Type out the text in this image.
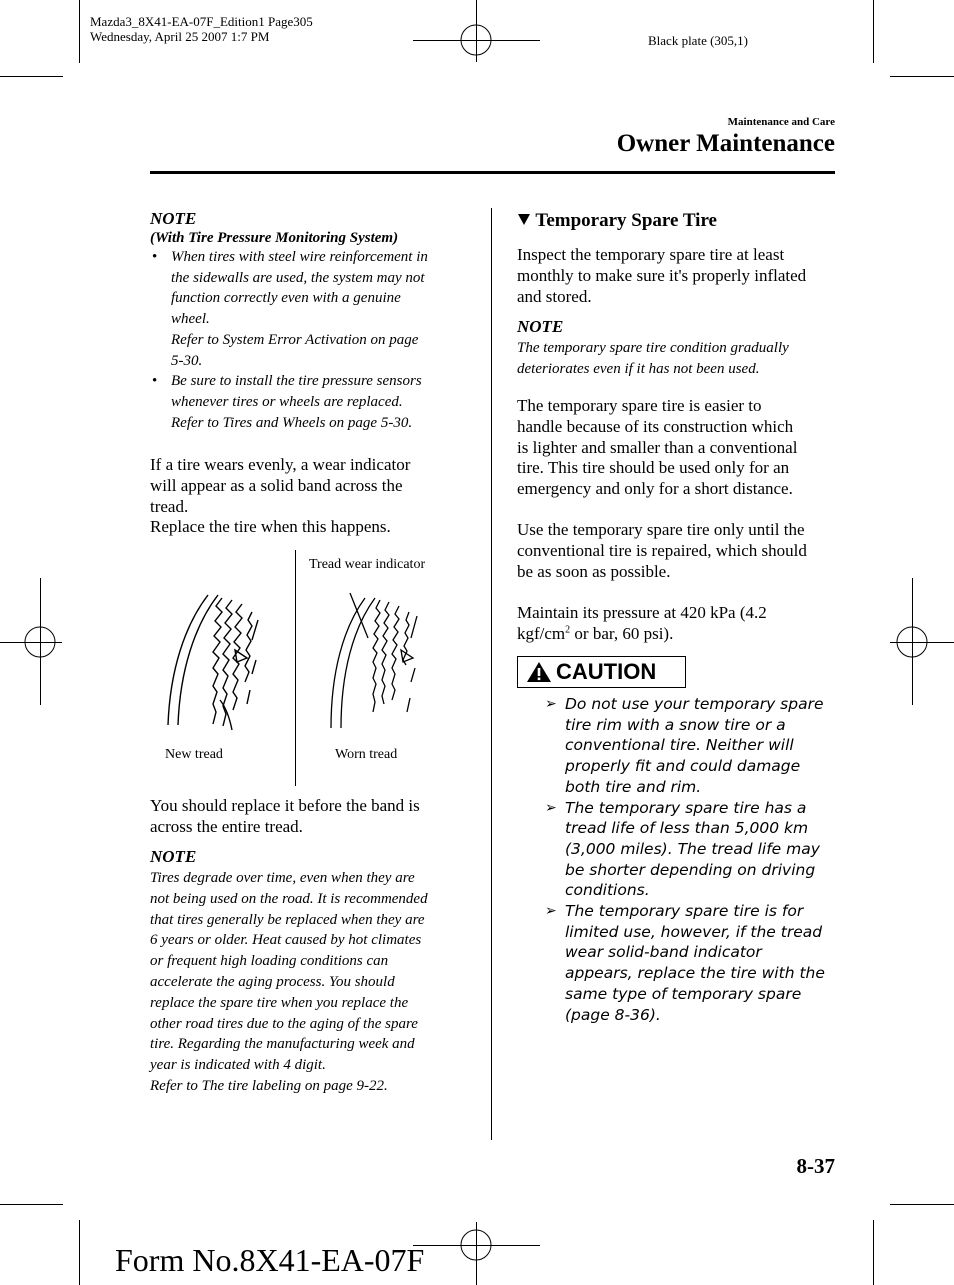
Mazda3_8X41-EA-07F_Edition1 Page305
Wednesday, April 25 2007 1:7 PM	Black plate (305,1)
Maintenance and Care
Owner Maintenance
NOTE
(With Tire Pressure Monitoring System)
• When tires with steel wire reinforcement in
the sidewalls are used, the system may not
function correctly even with a genuine
wheel.
Refer to System Error Activation on page
5-30.
• Be sure to install the tire pressure sensors
whenever tires or wheels are replaced.
Refer to Tires and Wheels on page 5-30.
If a tire wears evenly, a wear indicator
will appear as a solid band across the
tread.
Replace the tire when this happens.
Tread wear indicator
New tread	Worn tread
You should replace it before the band is
across the entire tread.
NOTE
Tires degrade over time, even when they are
not being used on the road. It is recommended
that tires generally be replaced when they are
6 years or older. Heat caused by hot climates
or frequent high loading conditions can
accelerate the aging process. You should
replace the spare tire when you replace the
other road tires due to the aging of the spare
tire. Regarding the manufacturing week and
year is indicated with 4 digit.
Refer to The tire labeling on page 9-22.
Temporary Spare Tire
Inspect the temporary spare tire at least
monthly to make sure it's properly inflated
and stored.
NOTE
The temporary spare tire condition gradually
deteriorates even if it has not been used.
The temporary spare tire is easier to
handle because of its construction which
is lighter and smaller than a conventional
tire. This tire should be used only for an
emergency and only for a short distance.
Use the temporary spare tire only until the
conventional tire is repaired, which should
be as soon as possible.
Maintain its pressure at 420 kPa (4.2
kgf/$cm^2$ or bar, 60 psi).
CAUTION
➢ Do not use your temporary spare
tire rim with a snow tire or a
conventional tire. Neither will
properly fit and could damage
both tire and rim.
➢ The temporary spare tire has a
tread life of less than 5,000 km
(3,000 miles). The tread life may
be shorter depending on driving
conditions.
➢ The temporary spare tire is for
limited use, however, if the tread
wear solid-band indicator
appears, replace the tire with the
same type of temporary spare
(page 8-36).
8-37
Form No.8X41-EA-07F
